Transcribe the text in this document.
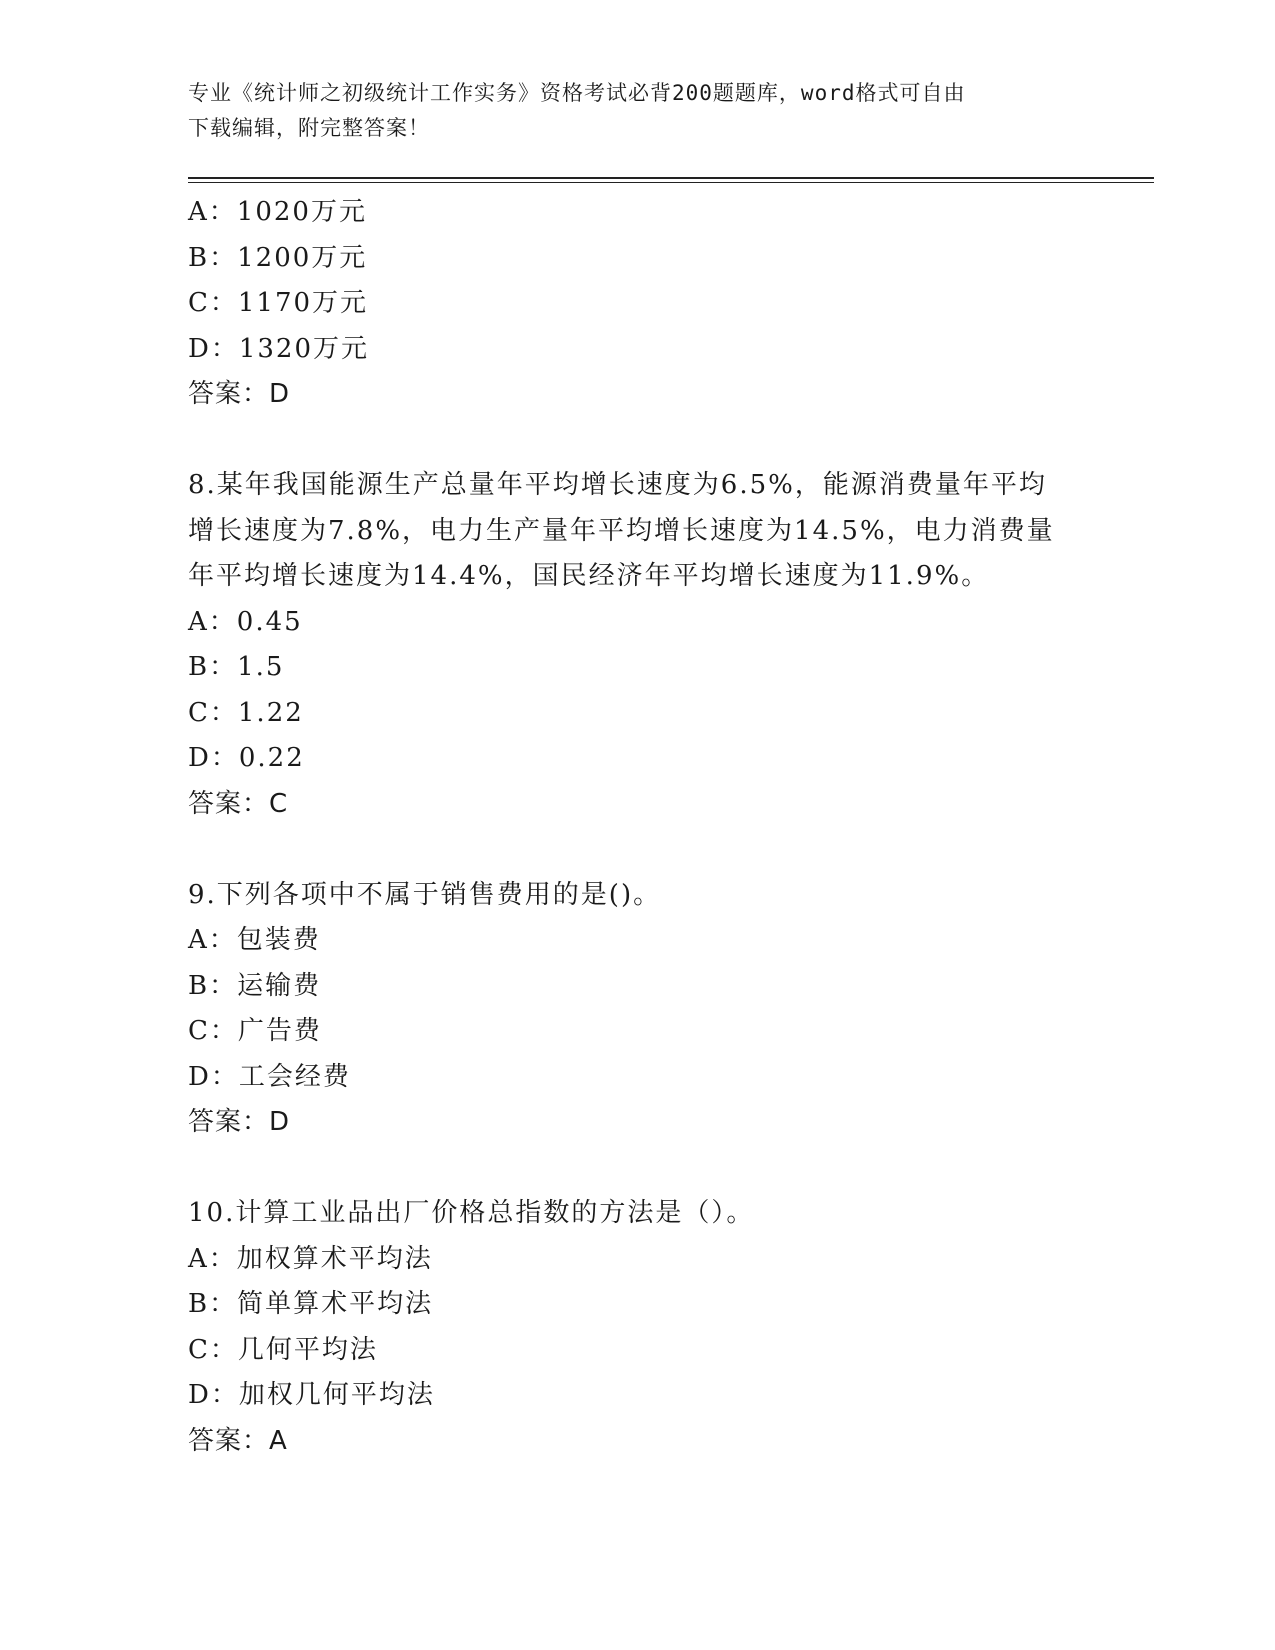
专业《统计师之初级统计工作实务》资格考试必背200题题库，word格式可自由
下载编辑，附完整答案！
A：1020万元
B：1200万元
C：1170万元
D：1320万元
答案：D
8.某年我国能源生产总量年平均增长速度为6.5%，能源消费量年平均
增长速度为7.8%，电力生产量年平均增长速度为14.5%，电力消费量
年平均增长速度为14.4%，国民经济年平均增长速度为11.9%。
A：0.45
B：1.5
C：1.22
D：0.22
答案：C
9.下列各项中不属于销售费用的是()。
A：包装费
B：运输费
C：广告费
D：工会经费
答案：D
10.计算工业品出厂价格总指数的方法是（）。
A：加权算术平均法
B：简单算术平均法
C：几何平均法
D：加权几何平均法
答案：A
